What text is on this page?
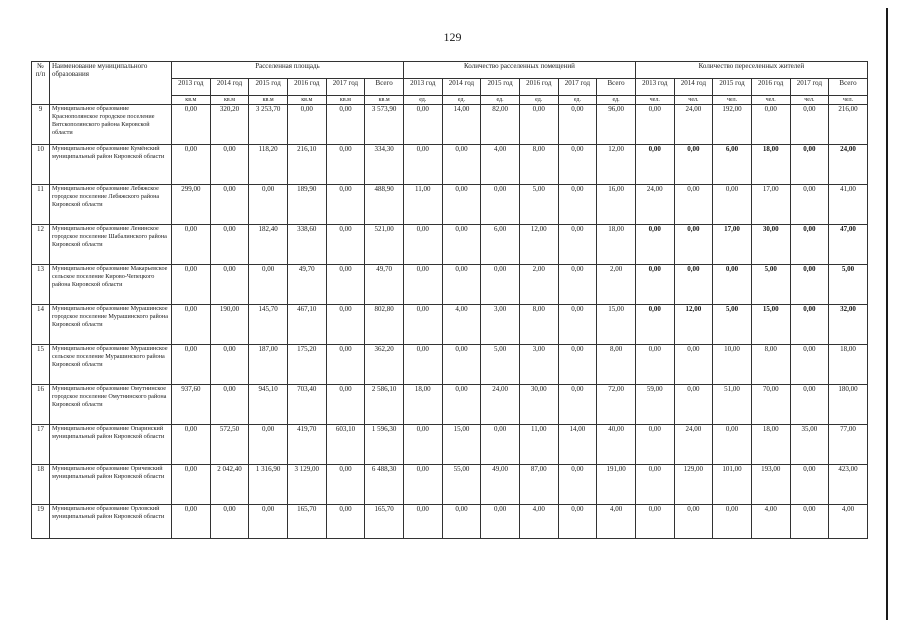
129
№ п/п	Наименование муниципального образования	Расселенная площадь						Количество расселенных помещений						Количество переселенных жителей					
		2013 год	2014 год	2015 год	2016 год	2017 год	Всего	2013 год	2014 год	2015 год	2016 год	2017 год	Всего	2013 год	2014 год	2015 год	2016 год	2017 год	Всего
		кв.м	кв.м	кв.м	кв.м	кв.м	кв.м	ед.	ед.	ед.	ед.	ед.	ед.	чел.	чел.	чел.	чел.	чел.	чел.
9	Муниципальное образование Краснополянское городское поселение Вятскополянского района Кировской области	0,00	320,20	3 253,70	0,00	0,00	3 573,90	0,00	14,00	82,00	0,00	0,00	96,00	0,00	24,00	192,00	0,00	0,00	216,00
10	Муниципальное образование Кумёнский муниципальный район Кировской области	0,00	0,00	118,20	216,10	0,00	334,30	0,00	0,00	4,00	8,00	0,00	12,00	0,00	0,00	6,00	18,00	0,00	24,00
11	Муниципальное образование Лебяжское городское поселение Лебяжского района Кировской области	299,00	0,00	0,00	189,90	0,00	488,90	11,00	0,00	0,00	5,00	0,00	16,00	24,00	0,00	0,00	17,00	0,00	41,00
12	Муниципальное образование Ленинское городское поселение Шабалинского района Кировской области	0,00	0,00	182,40	338,60	0,00	521,00	0,00	0,00	6,00	12,00	0,00	18,00	0,00	0,00	17,00	30,00	0,00	47,00
13	Муниципальное образование Макарьевское сельское поселение Кирово-Чепецкого района Кировской области	0,00	0,00	0,00	49,70	0,00	49,70	0,00	0,00	0,00	2,00	0,00	2,00	0,00	0,00	0,00	5,00	0,00	5,00
14	Муниципальное образование Мурашинское городское поселение Мурашинского района Кировской области	0,00	190,00	145,70	467,10	0,00	802,80	0,00	4,00	3,00	8,00	0,00	15,00	0,00	12,00	5,00	15,00	0,00	32,00
15	Муниципальное образование Мурашинское сельское поселение Мурашинского района Кировской области	0,00	0,00	187,00	175,20	0,00	362,20	0,00	0,00	5,00	3,00	0,00	8,00	0,00	0,00	10,00	8,00	0,00	18,00
16	Муниципальное образование Омутнинское городское поселение Омутнинского района Кировской области	937,60	0,00	945,10	703,40	0,00	2 586,10	18,00	0,00	24,00	30,00	0,00	72,00	59,00	0,00	51,00	70,00	0,00	180,00
17	Муниципальное образование Опаринский муниципальный район Кировской области	0,00	572,50	0,00	419,70	603,10	1 596,30	0,00	15,00	0,00	11,00	14,00	40,00	0,00	24,00	0,00	18,00	35,00	77,00
18	Муниципальное образование Оричевский муниципальный район Кировской области	0,00	2 042,40	1 316,90	3 129,00	0,00	6 488,30	0,00	55,00	49,00	87,00	0,00	191,00	0,00	129,00	101,00	193,00	0,00	423,00
19	Муниципальное образование Орловский муниципальный район Кировской области	0,00	0,00	0,00	165,70	0,00	165,70	0,00	0,00	0,00	4,00	0,00	4,00	0,00	0,00	0,00	4,00	0,00	4,00
